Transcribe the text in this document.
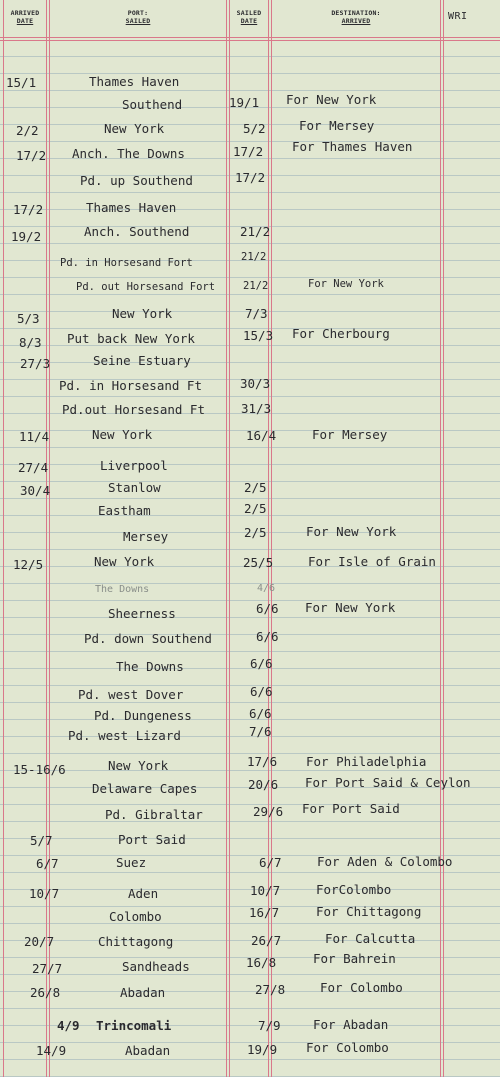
ARRIVED
DATE
PORT:
SAILED
SAILED
DATE
DESTINATION:
ARRIVED	WRI
15/1	Thames Haven
Southend	19/1 For New York
2/2	New York	5/2	For Mersey
17/2 Anch. The Downs	17/2 For Thames Haven
Pd. up Southend	17/2
17/2	Thames Haven
19/2	Anch. Southend	21/2
Pd. in Horsesand Fort	21/2
Pd. out Horsesand Fort	21/2	For New York
5/3	New York	7/3
8/3 Put back New York	15/3 For Cherbourg
27/3	Seine Estuary
Pd. in Horsesand Ft	30/3
Pd.out Horsesand Ft	31/3
11/4	New York	16/4	For Mersey
27/4	Liverpool
30/4	Stanlow	2/5
Eastham	2/5
Mersey	2/5	For New York
12/5	New York	25/5	For Isle of Grain
The Downs	4/6
Sheerness	6/6 For New York
Pd. down Southend	6/6
The Downs	6/6
Pd. west Dover	6/6
Pd. Dungeness	6/6
Pd. west Lizard	7/6
15-16/6	New York	17/6 For Philadelphia
Delaware Capes	20/6 For Port Said & Ceylon
Pd. Gibraltar	29/6 For Port Said
5/7	Port Said
6/7	Suez	6/7	For Aden & Colombo
10/7	Aden	10/7	ForColombo
Colombo	16/7	For Chittagong
20/7	Chittagong	26/7	For Calcutta
27/7	Sandheads	16/8	For Bahrein
26/8	Abadan	27/8	For Colombo
4/9 Trincomali	7/9	For Abadan
14/9	Abadan	19/9 For Colombo
